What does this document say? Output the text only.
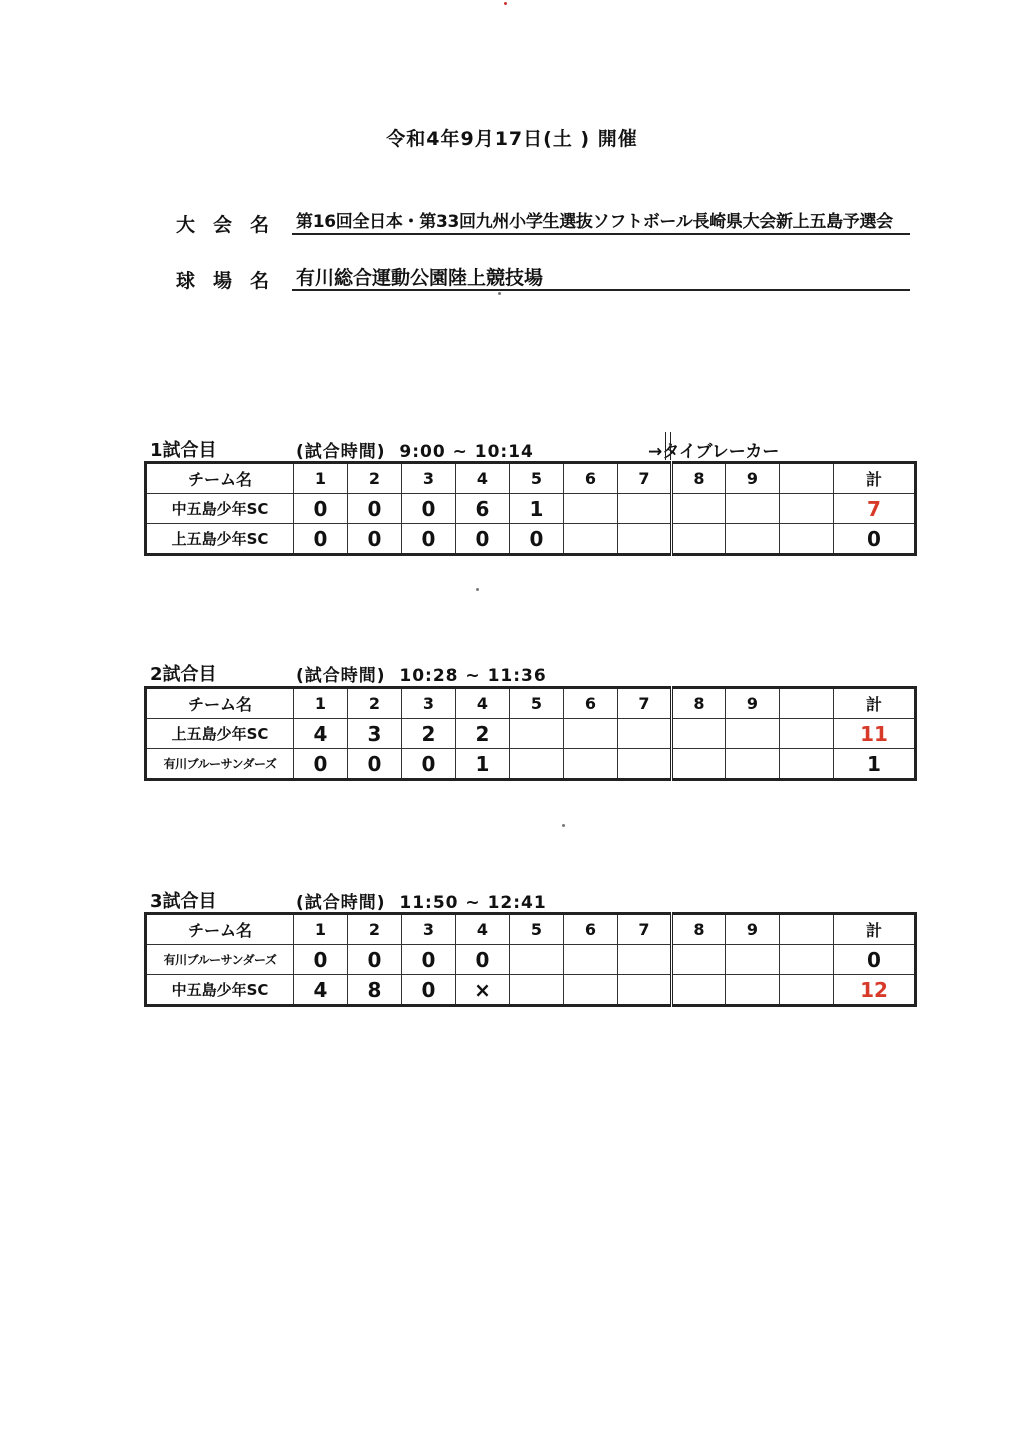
令和4年9月17日(土 ) 開催
大会名 第16回全日本・第33回九州小学生選抜ソフトボール長崎県大会新上五島予選会
球場名 有川総合運動公園陸上競技場
1試合目	(試合時間)  9:00 ~ 10:14	→タイブレーカー
チーム名	1	2	3	4	5	6	7	8	9		計
中五島少年SC	0	0	0	6	1						7
上五島少年SC	0	0	0	0	0						0
2試合目	(試合時間)  10:28 ~ 11:36
チーム名	1	2	3	4	5	6	7	8	9		計
上五島少年SC	4	3	2	2							11
有川ブルーサンダーズ	0	0	0	1							1
3試合目	(試合時間)  11:50 ~ 12:41
チーム名	1	2	3	4	5	6	7	8	9		計
有川ブルーサンダーズ	0	0	0	0							0
中五島少年SC	4	8	0	×							12
